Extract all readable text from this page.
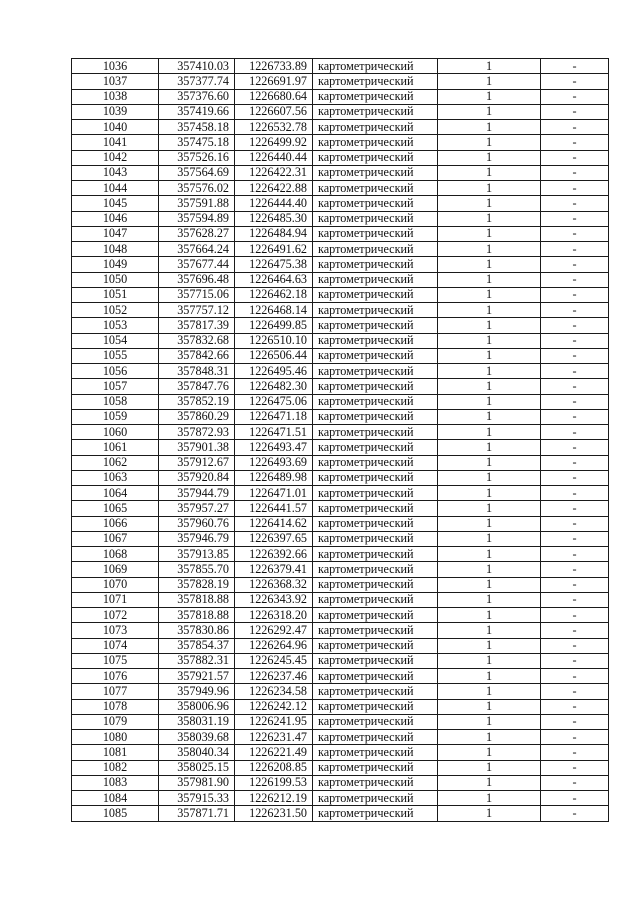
1036	357410.03	1226733.89	картометрический	1	-
1037	357377.74	1226691.97	картометрический	1	-
1038	357376.60	1226680.64	картометрический	1	-
1039	357419.66	1226607.56	картометрический	1	-
1040	357458.18	1226532.78	картометрический	1	-
1041	357475.18	1226499.92	картометрический	1	-
1042	357526.16	1226440.44	картометрический	1	-
1043	357564.69	1226422.31	картометрический	1	-
1044	357576.02	1226422.88	картометрический	1	-
1045	357591.88	1226444.40	картометрический	1	-
1046	357594.89	1226485.30	картометрический	1	-
1047	357628.27	1226484.94	картометрический	1	-
1048	357664.24	1226491.62	картометрический	1	-
1049	357677.44	1226475.38	картометрический	1	-
1050	357696.48	1226464.63	картометрический	1	-
1051	357715.06	1226462.18	картометрический	1	-
1052	357757.12	1226468.14	картометрический	1	-
1053	357817.39	1226499.85	картометрический	1	-
1054	357832.68	1226510.10	картометрический	1	-
1055	357842.66	1226506.44	картометрический	1	-
1056	357848.31	1226495.46	картометрический	1	-
1057	357847.76	1226482.30	картометрический	1	-
1058	357852.19	1226475.06	картометрический	1	-
1059	357860.29	1226471.18	картометрический	1	-
1060	357872.93	1226471.51	картометрический	1	-
1061	357901.38	1226493.47	картометрический	1	-
1062	357912.67	1226493.69	картометрический	1	-
1063	357920.84	1226489.98	картометрический	1	-
1064	357944.79	1226471.01	картометрический	1	-
1065	357957.27	1226441.57	картометрический	1	-
1066	357960.76	1226414.62	картометрический	1	-
1067	357946.79	1226397.65	картометрический	1	-
1068	357913.85	1226392.66	картометрический	1	-
1069	357855.70	1226379.41	картометрический	1	-
1070	357828.19	1226368.32	картометрический	1	-
1071	357818.88	1226343.92	картометрический	1	-
1072	357818.88	1226318.20	картометрический	1	-
1073	357830.86	1226292.47	картометрический	1	-
1074	357854.37	1226264.96	картометрический	1	-
1075	357882.31	1226245.45	картометрический	1	-
1076	357921.57	1226237.46	картометрический	1	-
1077	357949.96	1226234.58	картометрический	1	-
1078	358006.96	1226242.12	картометрический	1	-
1079	358031.19	1226241.95	картометрический	1	-
1080	358039.68	1226231.47	картометрический	1	-
1081	358040.34	1226221.49	картометрический	1	-
1082	358025.15	1226208.85	картометрический	1	-
1083	357981.90	1226199.53	картометрический	1	-
1084	357915.33	1226212.19	картометрический	1	-
1085	357871.71	1226231.50	картометрический	1	-
